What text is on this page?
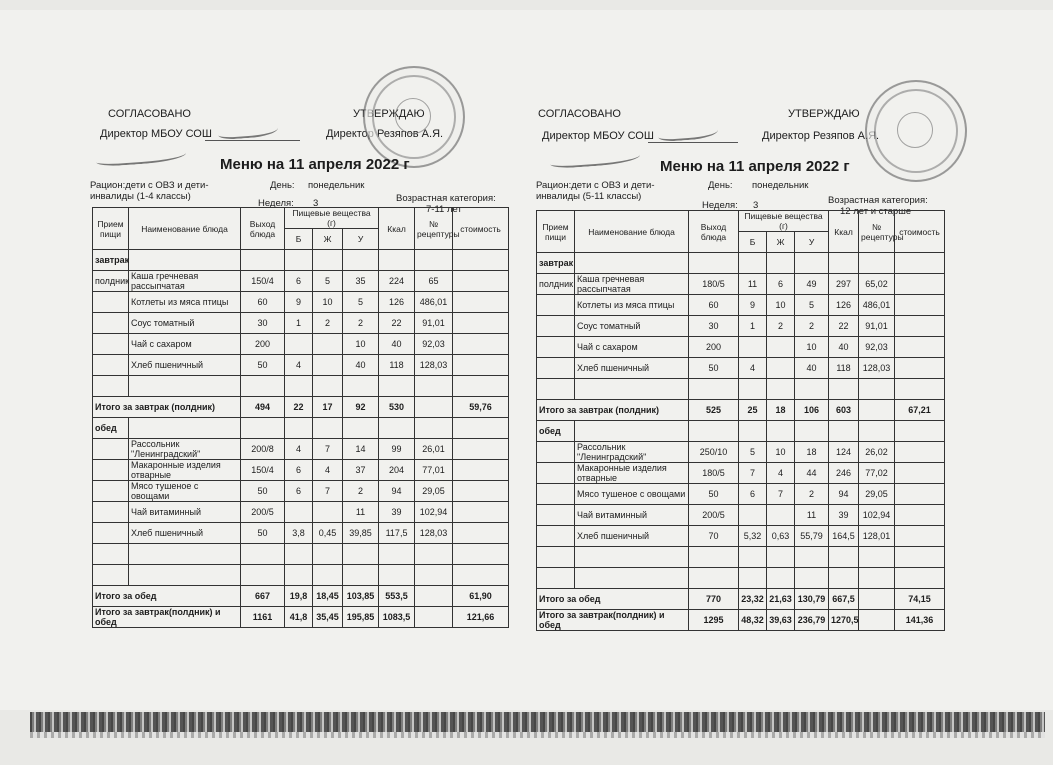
СОГЛАСОВАНО	УТВЕРЖДАЮ
Директор МБОУ СОШ	Директор Резяпов А.Я.
Меню на 11 апреля 2022 г
Рацион:дети с ОВЗ и дети-инвалиды (1-4 классы)
День: понедельник
Неделя: 3	Возрастная категория:
7-11 лет
Прием пищи	Наименование блюда	Выход блюда	Пищевые вещества (г)			Ккал	№ рецептуры	стоимость
			Б	Ж	У			
завтрак								
полдник	Каша гречневая рассыпчатая	150/4	6	5	35	224	65	
	Котлеты из мяса птицы	60	9	10	5	126	486,01	
	Соус томатный	30	1	2	2	22	91,01	
	Чай с сахаром	200			10	40	92,03	
	Хлеб пшеничный	50	4		40	118	128,03	

Итого за завтрак (полдник)		494	22	17	92	530		59,76
обед								
	Рассольник "Ленинградский"	200/8	4	7	14	99	26,01	
	Макаронные изделия отварные	150/4	6	4	37	204	77,01	
	Мясо тушеное с овощами	50	6	7	2	94	29,05	
	Чай витаминный	200/5			11	39	102,94	
	Хлеб пшеничный	50	3,8	0,45	39,85	117,5	128,03	

Итого за обед		667	19,8	18,45	103,85	553,5		61,90
Итого за завтрак(полдник) и обед		1161	41,8	35,45	195,85	1083,5		121,66
СОГЛАСОВАНО	УТВЕРЖДАЮ
Директор МБОУ СОШ	Директор Резяпов А.Я.
Меню на 11 апреля 2022 г
Рацион:дети с ОВЗ и дети-инвалиды (5-11 классы)
День: понедельник
Неделя: 3	Возрастная категория:
12 лет и старше
Прием пищи	Наименование блюда	Выход блюда	Пищевые вещества (г)			Ккал	№ рецептуры	стоимость
			Б	Ж	У			
завтрак								
полдник	Каша гречневая рассыпчатая	180/5	11	6	49	297	65,02	
	Котлеты из мяса птицы	60	9	10	5	126	486,01	
	Соус томатный	30	1	2	2	22	91,01	
	Чай с сахаром	200			10	40	92,03	
	Хлеб пшеничный	50	4		40	118	128,03	

Итого за завтрак (полдник)		525	25	18	106	603		67,21
обед								
	Рассольник "Ленинградский"	250/10	5	10	18	124	26,02	
	Макаронные изделия отварные	180/5	7	4	44	246	77,02	
	Мясо тушеное с овощами	50	6	7	2	94	29,05	
	Чай витаминный	200/5			11	39	102,94	
	Хлеб пшеничный	70	5,32	0,63	55,79	164,5	128,01	

Итого за обед		770	23,32	21,63	130,79	667,5		74,15
Итого за завтрак(полдник) и обед		1295	48,32	39,63	236,79	1270,5		141,36
